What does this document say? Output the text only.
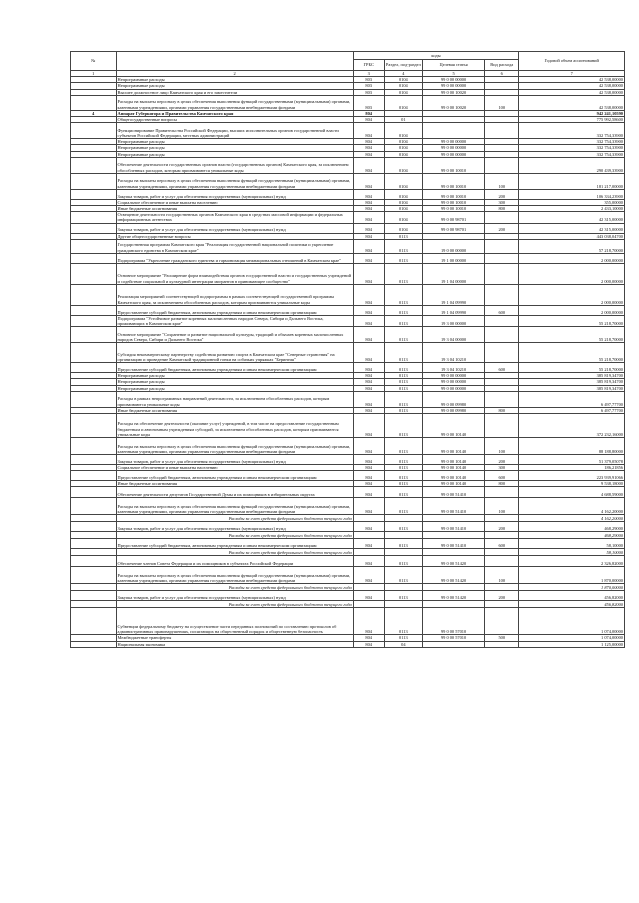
№		коды				Годовой объем ассигнований
		ГРБС	Раздел, под-раздел	Целевая статья	Вид расхода	
1	2	3	4	5	6	7
	Непрограммные расходы	803	0104	99 0 00 00000		42 538,00000
	Непрограммные расходы	803	0104	99 0 00 00000		42 538,00000
	Высшее должностное лицо Камчатского края и его заместители	803	0104	99 0 00 10020		42 538,00000
	Расходы на выплаты персоналу в целях обеспечения выполнения функций государственными (муниципальными) органами, казенными учреждениями, органами управления государственными внебюджетными фондами	803	0104	99 0 00 10020	100	42 538,00000
4	Аппарат Губернатора и Правительства Камчатского края	804				942 241,10590
	Общегосударственные вопросы	804	01			775 992,58600
	Функционирование Правительства Российской Федерации, высших исполнительных органов государственной власти субъектов Российской Федерации, местных администраций	804	0104			332 754,33900
	Непрограммные расходы	804	0104	99 0 00 00000		332 754,33900
	Непрограммные расходы	804	0104	99 0 00 00000		332 754,33900
	Непрограммные расходы	804	0104	99 0 00 00000		332 754,33900
	Обеспечение деятельности государственных органов власти (государственных органов) Камчатского края, за исключением обособленных расходов, которым присваиваются уникальные коды	804	0104	99 0 00 10010		290 439,33900
	Расходы на выплаты персоналу в целях обеспечения выполнения функций государственными (муниципальными) органами, казенными учреждениями, органами управления государственными внебюджетными фондами	804	0104	99 0 00 10010	100	181 217,00000
	Закупка товаров, работ и услуг для обеспечения государственных (муниципальных) нужд	804	0104	99 0 00 10010	200	106 334,23900
	Социальное обеспечение и иные выплаты населению	804	0104	99 0 00 10010	300	355,00000
	Иные бюджетные ассигнования	804	0104	99 0 00 10010	800	2 433,10000
	Освещение деятельности государственных органов Камчатского края в средствах массовой информации и федеральных информационных агентствах	804	0104	99 0 00 98701		42 315,00000
	Закупка товаров, работ и услуг для обеспечения государственных (муниципальных) нужд	804	0104	99 0 00 98701	200	42 315,00000
	Другие общегосударственные вопросы	804	0113			443 038,04700
	Государственная программа Камчатского края "Реализация государственной национальной политики и укрепление гражданского единства в Камчатском крае"	804	0113	19 0 00 00000		57 218,70000
	Подпрограмма "Укрепление гражданского единства и гармонизация межнациональных отношений в Камчатском крае"	804	0113	19 1 00 00000		2 000,00000
	Основное мероприятие "Расширение форм взаимодействия органов государственной власти и государственных учреждений и содействие социальной и культурной интеграции мигрантов в принимающее сообщество"	804	0113	19 1 04 00000		2 000,00000
	Реализация мероприятий соответствующей подпрограммы в рамках соответствующей государственной программы Камчатского края, за исключением обособленных расходов, которым присваиваются уникальные коды	804	0113	19 1 04 09990		2 000,00000
	Предоставление субсидий бюджетным, автономным учреждениям и иным некоммерческим организациям	804	0113	19 1 04 09990	600	2 000,00000
	Подпрограмма "Устойчивое развитие коренных малочисленных народов Севера, Сибири и Дальнего Востока, проживающих в Камчатском крае"	804	0113	19 3 00 00000		55 218,70000
	Основное мероприятие "Сохранение и развитие национальной культуры, традиций и обычаев коренных малочисленных народов Севера, Сибири и Дальнего Востока"	804	0113	19 3 04 00000		55 218,70000
	Субсидия некоммерческому партнерству содействия развитию спорта в Камчатском крае "Северные странствия" на организацию и проведение Камчатской традиционной гонки на собачьих упряжках "Берингия"	804	0113	19 3 04 10210		55 218,70000
	Предоставление субсидий бюджетным, автономным учреждениям и иным некоммерческим организациям	804	0113	19 3 04 10210	600	55 218,70000
	Непрограммные расходы	804	0113	99 0 00 00000		385 819,34700
	Непрограммные расходы	804	0113	99 0 00 00000		385 819,34700
	Непрограммные расходы	804	0113	99 0 00 00000		385 819,34700
	Расходы в рамках непрограммных направлений деятельности, за исключением обособленных расходов, которым присваиваются уникальные коды	804	0113	99 0 00 09980		6 497,77700
	Иные бюджетные ассигнования	804	0113	99 0 00 09980	800	6 497,77700
	Расходы на обеспечение деятельности (оказание услуг) учреждений, в том числе на предоставление государственным бюджетным и автономным учреждениям субсидий, за исключением обособленных расходов, которым присваиваются уникальные коды	804	0113	99 0 00 10140		372 232,16000
	Расходы на выплаты персоналу в целях обеспечения выполнения функций государственными (муниципальными) органами, казенными учреждениями, органами управления государственными внебюджетными фондами	804	0113	99 0 00 10140	100	88 188,80000
	Закупка товаров, работ и услуг для обеспечения государственных (муниципальных) нужд	804	0113	99 0 00 10140	200	51 379,05078
	Социальное обеспечение и иные выплаты населению	804	0113	99 0 00 10140	300	186,21856
	Предоставление субсидий бюджетным, автономным учреждениям и иным некоммерческим организациям	804	0113	99 0 00 10140	600	223 939,91066
	Иные бюджетные ассигнования	804	0113	99 0 00 10140	800	9 538,18000
	Обеспечение деятельности депутатов Государственной Думы и их помощников в избирательных округах	804	0113	99 0 00 51410		4 688,59000
	Расходы на выплаты персоналу в целях обеспечения выполнения функций государственными (муниципальными) органами, казенными учреждениями, органами управления государственными внебюджетными фондами	804	0113	99 0 00 51410	100	4 162,20000
	Расходы за счет средств федерального бюджета текущего года					4 162,20000
	Закупка товаров, работ и услуг для обеспечения государственных (муниципальных) нужд	804	0113	99 0 00 51410	200	468,29000
	Расходы за счет средств федерального бюджета текущего года					468,29000
	Предоставление субсидий бюджетным, автономным учреждениям и иным некоммерческим организациям	804	0113	99 0 00 51410	600	58,10000
	Расходы за счет средств федерального бюджета текущего года					58,10000
	Обеспечение членов Совета Федерации и их помощников в субъектах Российской Федерации	804	0113	99 0 00 51420		2 326,82000
	Расходы на выплаты персоналу в целях обеспечения выполнения функций государственными (муниципальными) органами, казенными учреждениями, органами управления государственными внебюджетными фондами	804	0113	99 0 00 51420	100	1 870,00000
	Расходы за счет средств федерального бюджета текущего года					1 870,00000
	Закупка товаров, работ и услуг для обеспечения государственных (муниципальных) нужд	804	0113	99 0 00 51420	200	456,82000
	Расходы за счет средств федерального бюджета текущего года					456,82000
	Субвенции федеральному бюджету на осуществление части переданных полномочий по составлению протоколов об административных правонарушениях, посягающих на общественный порядок и общественную безопасность	804	0113	99 0 00 57010		1 074,00000
	Межбюджетные трансферты	804	0113	99 0 00 57010	500	1 074,00000
	Национальная экономика	804	04			1 125,00000
